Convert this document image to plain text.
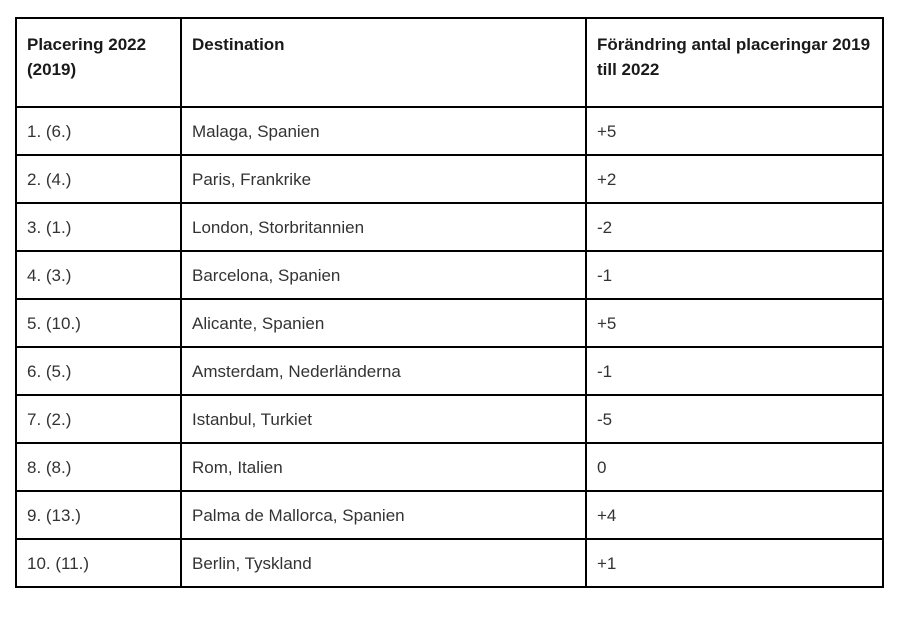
Placering 2022 (2019)	Destination	Förändring antal placeringar 2019 till 2022
1. (6.)	Malaga, Spanien	+5
2. (4.)	Paris, Frankrike	+2
3. (1.)	London, Storbritannien	-2
4. (3.)	Barcelona, Spanien	-1
5. (10.)	Alicante, Spanien	+5
6. (5.)	Amsterdam, Nederländerna	-1
7. (2.)	Istanbul, Turkiet	-5
8. (8.)	Rom, Italien	0
9. (13.)	Palma de Mallorca, Spanien	+4
10. (11.)	Berlin, Tyskland	+1
